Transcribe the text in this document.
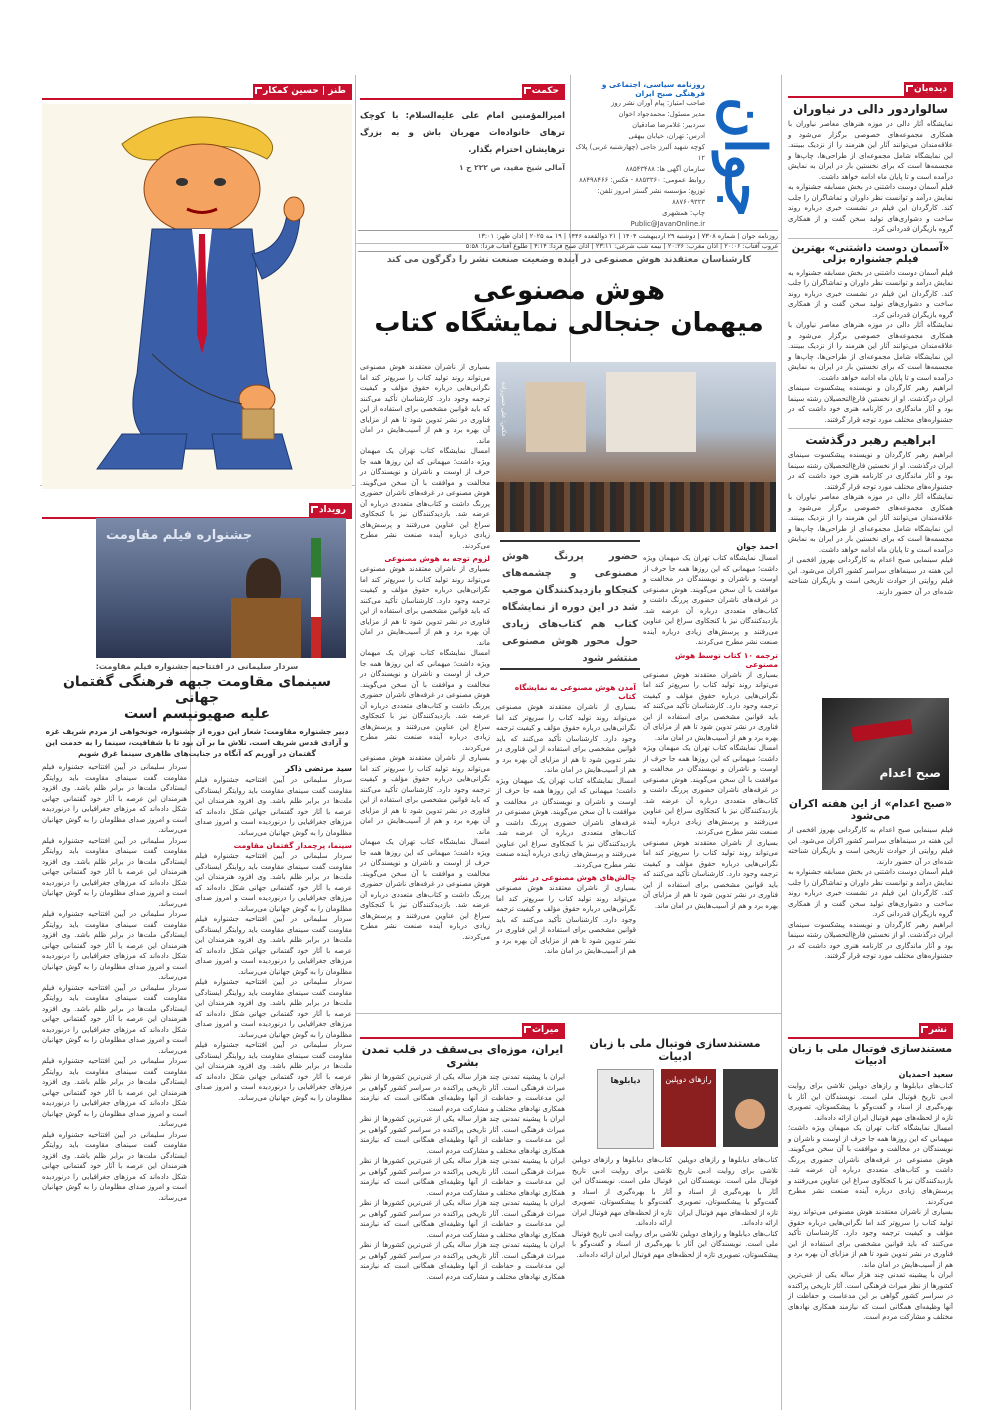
دیده‌بان
سالواردور دالی در نیاوران
نمایشگاه آثار دالی در موزه هنرهای معاصر نیاوران با همکاری مجموعه‌های خصوصی برگزار می‌شود و علاقه‌مندان می‌توانند آثار این هنرمند را از نزدیک ببینند. این نمایشگاه شامل مجموعه‌ای از طراحی‌ها، چاپ‌ها و مجسمه‌ها است که برای نخستین بار در ایران به نمایش درآمده است و تا پایان ماه ادامه خواهد داشت.
فیلم آسمان دوست داشتنی در بخش مسابقه جشنواره به نمایش درآمد و توانست نظر داوران و تماشاگران را جلب کند. کارگردان این فیلم در نشست خبری درباره روند ساخت و دشواری‌های تولید سخن گفت و از همکاری گروه بازیگران قدردانی کرد.
«آسمان دوست داشتنی» بهترین فیلم جشنواره بزلی
فیلم آسمان دوست داشتنی در بخش مسابقه جشنواره به نمایش درآمد و توانست نظر داوران و تماشاگران را جلب کند. کارگردان این فیلم در نشست خبری درباره روند ساخت و دشواری‌های تولید سخن گفت و از همکاری گروه بازیگران قدردانی کرد.
نمایشگاه آثار دالی در موزه هنرهای معاصر نیاوران با همکاری مجموعه‌های خصوصی برگزار می‌شود و علاقه‌مندان می‌توانند آثار این هنرمند را از نزدیک ببینند. این نمایشگاه شامل مجموعه‌ای از طراحی‌ها، چاپ‌ها و مجسمه‌ها است که برای نخستین بار در ایران به نمایش درآمده است و تا پایان ماه ادامه خواهد داشت.
ابراهیم رهبر کارگردان و نویسنده پیشکسوت سینمای ایران درگذشت. او از نخستین فارغ‌التحصیلان رشته سینما بود و آثار ماندگاری در کارنامه هنری خود داشت که در جشنواره‌های مختلف مورد توجه قرار گرفتند.
ابراهیم رهبر درگذشت
ابراهیم رهبر کارگردان و نویسنده پیشکسوت سینمای ایران درگذشت. او از نخستین فارغ‌التحصیلان رشته سینما بود و آثار ماندگاری در کارنامه هنری خود داشت که در جشنواره‌های مختلف مورد توجه قرار گرفتند.
نمایشگاه آثار دالی در موزه هنرهای معاصر نیاوران با همکاری مجموعه‌های خصوصی برگزار می‌شود و علاقه‌مندان می‌توانند آثار این هنرمند را از نزدیک ببینند. این نمایشگاه شامل مجموعه‌ای از طراحی‌ها، چاپ‌ها و مجسمه‌ها است که برای نخستین بار در ایران به نمایش درآمده است و تا پایان ماه ادامه خواهد داشت.
فیلم سینمایی صبح اعدام به کارگردانی بهروز افخمی از این هفته در سینماهای سراسر کشور اکران می‌شود. این فیلم روایتی از حوادث تاریخی است و بازیگران شناخته شده‌ای در آن حضور دارند.
صبح اعدام
«صبح اعدام» از این هفته اکران می‌شود
فیلم سینمایی صبح اعدام به کارگردانی بهروز افخمی از این هفته در سینماهای سراسر کشور اکران می‌شود. این فیلم روایتی از حوادث تاریخی است و بازیگران شناخته شده‌ای در آن حضور دارند.
فیلم آسمان دوست داشتنی در بخش مسابقه جشنواره به نمایش درآمد و توانست نظر داوران و تماشاگران را جلب کند. کارگردان این فیلم در نشست خبری درباره روند ساخت و دشواری‌های تولید سخن گفت و از همکاری گروه بازیگران قدردانی کرد.
ابراهیم رهبر کارگردان و نویسنده پیشکسوت سینمای ایران درگذشت. او از نخستین فارغ‌التحصیلان رشته سینما بود و آثار ماندگاری در کارنامه هنری خود داشت که در جشنواره‌های مختلف مورد توجه قرار گرفتند.
نشر
مستندسازی فوتبال ملی با زبان ادبیات
سعید احمدیان
کتاب‌های دیابلوها و رازهای دوپلین تلاشی برای روایت ادبی تاریخ فوتبال ملی است. نویسندگان این آثار با بهره‌گیری از اسناد و گفت‌وگو با پیشکسوتان، تصویری تازه از لحظه‌های مهم فوتبال ایران ارائه داده‌اند.
امسال نمایشگاه کتاب تهران یک میهمان ویژه داشت؛ میهمانی که این روزها همه جا حرف از اوست و ناشران و نویسندگان در مخالفت و موافقت با آن سخن می‌گویند. هوش مصنوعی در غرفه‌های ناشران حضوری پررنگ داشت و کتاب‌های متعددی درباره آن عرضه شد. بازدیدکنندگان نیز با کنجکاوی سراغ این عناوین می‌رفتند و پرسش‌های زیادی درباره آینده صنعت نشر مطرح می‌کردند.
بسیاری از ناشران معتقدند هوش مصنوعی می‌تواند روند تولید کتاب را سریع‌تر کند اما نگرانی‌هایی درباره حقوق مؤلف و کیفیت ترجمه وجود دارد. کارشناسان تأکید می‌کنند که باید قوانین مشخصی برای استفاده از این فناوری در نشر تدوین شود تا هم از مزایای آن بهره برد و هم از آسیب‌هایش در امان ماند.
ایران با پیشینه تمدنی چند هزار ساله یکی از غنی‌ترین کشورها از نظر میراث فرهنگی است. آثار تاریخی پراکنده در سراسر کشور گواهی بر این مدعاست و حفاظت از آنها وظیفه‌ای همگانی است که نیازمند همکاری نهادهای مختلف و مشارکت مردم است.
جوان
روزنامه سیاسی، اجتماعی و فرهنگی صبح ایران
صاحب امتیاز: پیام آوران نشر روز
مدیر مسئول: محمدجواد اخوان
سردبیر: غلامرضا صادقیان
آدرس: تهران، خیابان بیهقی
کوچه شهید آلبرز جاجی (چهارشنبه غربی) پلاک ۱۲
سازمان آگهی ها: ۸۸۵۴۳۴۸۸
روابط عمومی: ۸۸۵۳۳۶۰ - فکس: ۸۸۴۹۸۴۶۶
توزیع: مؤسسه نشر گستر امروز تلفن: ۸۸۷۶۰۹۳۲۳
چاپ: همشهری
Public@JavanOnline.ir
روزنامه جوان | شماره ۷۳۰۸ | دوشنبه ۲۹ اردیبهشت ۱۴۰۴ | ۲۱ ذوالقعده ۱۴۴۶ | ۱۹ مه ۲۰۲۵ | اذان ظهر: ۱۳:۰۱
غروب آفتاب: ۲۰:۰۶ | اذان مغرب: ۲۰:۲۶ | نیمه شب شرعی: ۲۳:۱۱ | اذان صبح فردا: ۴:۱۴ | طلوع آفتاب فردا: ۵:۵۸
حکمت
امیرالمؤمنین امام علی علیه‌السلام: با کوچک ترهای خانواده‌ات مهربان باش و به بزرگ ترهایشان احترام بگذار.
آمالی شیخ مفید، ص ۲۲۲ ح ۱
طنز | حسین کمکار
کارشناسان معتقدند هوش مصنوعی در آینده وضعیت صنعت نشر را دگرگون می کند
هوش مصنوعی
میهمان جنجالی نمایشگاه کتاب
عکس: علی حسن‌زاده
بسیاری از ناشران معتقدند هوش مصنوعی می‌تواند روند تولید کتاب را سریع‌تر کند اما نگرانی‌هایی درباره حقوق مؤلف و کیفیت ترجمه وجود دارد. کارشناسان تأکید می‌کنند که باید قوانین مشخصی برای استفاده از این فناوری در نشر تدوین شود تا هم از مزایای آن بهره برد و هم از آسیب‌هایش در امان ماند.
امسال نمایشگاه کتاب تهران یک میهمان ویژه داشت؛ میهمانی که این روزها همه جا حرف از اوست و ناشران و نویسندگان در مخالفت و موافقت با آن سخن می‌گویند. هوش مصنوعی در غرفه‌های ناشران حضوری پررنگ داشت و کتاب‌های متعددی درباره آن عرضه شد. بازدیدکنندگان نیز با کنجکاوی سراغ این عناوین می‌رفتند و پرسش‌های زیادی درباره آینده صنعت نشر مطرح می‌کردند.
لزوم توجه به هوش مصنوعی
بسیاری از ناشران معتقدند هوش مصنوعی می‌تواند روند تولید کتاب را سریع‌تر کند اما نگرانی‌هایی درباره حقوق مؤلف و کیفیت ترجمه وجود دارد. کارشناسان تأکید می‌کنند که باید قوانین مشخصی برای استفاده از این فناوری در نشر تدوین شود تا هم از مزایای آن بهره برد و هم از آسیب‌هایش در امان ماند.
امسال نمایشگاه کتاب تهران یک میهمان ویژه داشت؛ میهمانی که این روزها همه جا حرف از اوست و ناشران و نویسندگان در مخالفت و موافقت با آن سخن می‌گویند. هوش مصنوعی در غرفه‌های ناشران حضوری پررنگ داشت و کتاب‌های متعددی درباره آن عرضه شد. بازدیدکنندگان نیز با کنجکاوی سراغ این عناوین می‌رفتند و پرسش‌های زیادی درباره آینده صنعت نشر مطرح می‌کردند.
بسیاری از ناشران معتقدند هوش مصنوعی می‌تواند روند تولید کتاب را سریع‌تر کند اما نگرانی‌هایی درباره حقوق مؤلف و کیفیت ترجمه وجود دارد. کارشناسان تأکید می‌کنند که باید قوانین مشخصی برای استفاده از این فناوری در نشر تدوین شود تا هم از مزایای آن بهره برد و هم از آسیب‌هایش در امان ماند.
امسال نمایشگاه کتاب تهران یک میهمان ویژه داشت؛ میهمانی که این روزها همه جا حرف از اوست و ناشران و نویسندگان در مخالفت و موافقت با آن سخن می‌گویند. هوش مصنوعی در غرفه‌های ناشران حضوری پررنگ داشت و کتاب‌های متعددی درباره آن عرضه شد. بازدیدکنندگان نیز با کنجکاوی سراغ این عناوین می‌رفتند و پرسش‌های زیادی درباره آینده صنعت نشر مطرح می‌کردند.
حضور پررنگ هوش مصنوعی و چشمه‌های کنجکاو بازدیدکنندگان موجب شد در این دوره از نمایشگاه کتاب هم کتاب‌های زیادی حول محور هوش مصنوعی منتشر شود
آمدن هوش مصنوعی به نمایشگاه کتاب
بسیاری از ناشران معتقدند هوش مصنوعی می‌تواند روند تولید کتاب را سریع‌تر کند اما نگرانی‌هایی درباره حقوق مؤلف و کیفیت ترجمه وجود دارد. کارشناسان تأکید می‌کنند که باید قوانین مشخصی برای استفاده از این فناوری در نشر تدوین شود تا هم از مزایای آن بهره برد و هم از آسیب‌هایش در امان ماند.
امسال نمایشگاه کتاب تهران یک میهمان ویژه داشت؛ میهمانی که این روزها همه جا حرف از اوست و ناشران و نویسندگان در مخالفت و موافقت با آن سخن می‌گویند. هوش مصنوعی در غرفه‌های ناشران حضوری پررنگ داشت و کتاب‌های متعددی درباره آن عرضه شد. بازدیدکنندگان نیز با کنجکاوی سراغ این عناوین می‌رفتند و پرسش‌های زیادی درباره آینده صنعت نشر مطرح می‌کردند.
چالش‌های هوش مصنوعی در نشر
بسیاری از ناشران معتقدند هوش مصنوعی می‌تواند روند تولید کتاب را سریع‌تر کند اما نگرانی‌هایی درباره حقوق مؤلف و کیفیت ترجمه وجود دارد. کارشناسان تأکید می‌کنند که باید قوانین مشخصی برای استفاده از این فناوری در نشر تدوین شود تا هم از مزایای آن بهره برد و هم از آسیب‌هایش در امان ماند.
احمد جوان
امسال نمایشگاه کتاب تهران یک میهمان ویژه داشت؛ میهمانی که این روزها همه جا حرف از اوست و ناشران و نویسندگان در مخالفت و موافقت با آن سخن می‌گویند. هوش مصنوعی در غرفه‌های ناشران حضوری پررنگ داشت و کتاب‌های متعددی درباره آن عرضه شد. بازدیدکنندگان نیز با کنجکاوی سراغ این عناوین می‌رفتند و پرسش‌های زیادی درباره آینده صنعت نشر مطرح می‌کردند.
ترجمه ۱۰ کتاب توسط هوش مصنوعی
بسیاری از ناشران معتقدند هوش مصنوعی می‌تواند روند تولید کتاب را سریع‌تر کند اما نگرانی‌هایی درباره حقوق مؤلف و کیفیت ترجمه وجود دارد. کارشناسان تأکید می‌کنند که باید قوانین مشخصی برای استفاده از این فناوری در نشر تدوین شود تا هم از مزایای آن بهره برد و هم از آسیب‌هایش در امان ماند.
امسال نمایشگاه کتاب تهران یک میهمان ویژه داشت؛ میهمانی که این روزها همه جا حرف از اوست و ناشران و نویسندگان در مخالفت و موافقت با آن سخن می‌گویند. هوش مصنوعی در غرفه‌های ناشران حضوری پررنگ داشت و کتاب‌های متعددی درباره آن عرضه شد. بازدیدکنندگان نیز با کنجکاوی سراغ این عناوین می‌رفتند و پرسش‌های زیادی درباره آینده صنعت نشر مطرح می‌کردند.
بسیاری از ناشران معتقدند هوش مصنوعی می‌تواند روند تولید کتاب را سریع‌تر کند اما نگرانی‌هایی درباره حقوق مؤلف و کیفیت ترجمه وجود دارد. کارشناسان تأکید می‌کنند که باید قوانین مشخصی برای استفاده از این فناوری در نشر تدوین شود تا هم از مزایای آن بهره برد و هم از آسیب‌هایش در امان ماند.
رویداد
جشنواره فیلم مقاومت
سردار سلیمانی در افتتاحیه جشنواره فیلم مقاومت:
سینمای مقاومت جبهه فرهنگی گفتمان جهانی
علیه صهیونیسم است
دبیر جشنواره مقاومت: شعار این دوره از جشنواره، خونخواهی از مردم شریف غزه و آزادی قدس شریف است. تلاش ما بر آن بود تا با شفافیت، سینما را به خدمت این گفتمان در آوریم که آنگاه در جنایت‌های ظاهری سینما غرق شویم
سید مرتضی ذاکر
سردار سلیمانی در آیین افتتاحیه جشنواره فیلم مقاومت گفت سینمای مقاومت باید روایتگر ایستادگی ملت‌ها در برابر ظلم باشد. وی افزود هنرمندان این عرصه با آثار خود گفتمانی جهانی شکل داده‌اند که مرزهای جغرافیایی را درنوردیده است و امروز صدای مظلومان را به گوش جهانیان می‌رساند.
سینما، پرچمدار گفتمان مقاومت
سردار سلیمانی در آیین افتتاحیه جشنواره فیلم مقاومت گفت سینمای مقاومت باید روایتگر ایستادگی ملت‌ها در برابر ظلم باشد. وی افزود هنرمندان این عرصه با آثار خود گفتمانی جهانی شکل داده‌اند که مرزهای جغرافیایی را درنوردیده است و امروز صدای مظلومان را به گوش جهانیان می‌رساند.
سردار سلیمانی در آیین افتتاحیه جشنواره فیلم مقاومت گفت سینمای مقاومت باید روایتگر ایستادگی ملت‌ها در برابر ظلم باشد. وی افزود هنرمندان این عرصه با آثار خود گفتمانی جهانی شکل داده‌اند که مرزهای جغرافیایی را درنوردیده است و امروز صدای مظلومان را به گوش جهانیان می‌رساند.
سردار سلیمانی در آیین افتتاحیه جشنواره فیلم مقاومت گفت سینمای مقاومت باید روایتگر ایستادگی ملت‌ها در برابر ظلم باشد. وی افزود هنرمندان این عرصه با آثار خود گفتمانی جهانی شکل داده‌اند که مرزهای جغرافیایی را درنوردیده است و امروز صدای مظلومان را به گوش جهانیان می‌رساند.
سردار سلیمانی در آیین افتتاحیه جشنواره فیلم مقاومت گفت سینمای مقاومت باید روایتگر ایستادگی ملت‌ها در برابر ظلم باشد. وی افزود هنرمندان این عرصه با آثار خود گفتمانی جهانی شکل داده‌اند که مرزهای جغرافیایی را درنوردیده است و امروز صدای مظلومان را به گوش جهانیان می‌رساند.
سردار سلیمانی در آیین افتتاحیه جشنواره فیلم مقاومت گفت سینمای مقاومت باید روایتگر ایستادگی ملت‌ها در برابر ظلم باشد. وی افزود هنرمندان این عرصه با آثار خود گفتمانی جهانی شکل داده‌اند که مرزهای جغرافیایی را درنوردیده است و امروز صدای مظلومان را به گوش جهانیان می‌رساند.
سردار سلیمانی در آیین افتتاحیه جشنواره فیلم مقاومت گفت سینمای مقاومت باید روایتگر ایستادگی ملت‌ها در برابر ظلم باشد. وی افزود هنرمندان این عرصه با آثار خود گفتمانی جهانی شکل داده‌اند که مرزهای جغرافیایی را درنوردیده است و امروز صدای مظلومان را به گوش جهانیان می‌رساند.
سردار سلیمانی در آیین افتتاحیه جشنواره فیلم مقاومت گفت سینمای مقاومت باید روایتگر ایستادگی ملت‌ها در برابر ظلم باشد. وی افزود هنرمندان این عرصه با آثار خود گفتمانی جهانی شکل داده‌اند که مرزهای جغرافیایی را درنوردیده است و امروز صدای مظلومان را به گوش جهانیان می‌رساند.
سردار سلیمانی در آیین افتتاحیه جشنواره فیلم مقاومت گفت سینمای مقاومت باید روایتگر ایستادگی ملت‌ها در برابر ظلم باشد. وی افزود هنرمندان این عرصه با آثار خود گفتمانی جهانی شکل داده‌اند که مرزهای جغرافیایی را درنوردیده است و امروز صدای مظلومان را به گوش جهانیان می‌رساند.
سردار سلیمانی در آیین افتتاحیه جشنواره فیلم مقاومت گفت سینمای مقاومت باید روایتگر ایستادگی ملت‌ها در برابر ظلم باشد. وی افزود هنرمندان این عرصه با آثار خود گفتمانی جهانی شکل داده‌اند که مرزهای جغرافیایی را درنوردیده است و امروز صدای مظلومان را به گوش جهانیان می‌رساند.
سردار سلیمانی در آیین افتتاحیه جشنواره فیلم مقاومت گفت سینمای مقاومت باید روایتگر ایستادگی ملت‌ها در برابر ظلم باشد. وی افزود هنرمندان این عرصه با آثار خود گفتمانی جهانی شکل داده‌اند که مرزهای جغرافیایی را درنوردیده است و امروز صدای مظلومان را به گوش جهانیان می‌رساند.
میراث
ایران، موزه‌ای بی‌سقف در قلب تمدن بشری
ایران با پیشینه تمدنی چند هزار ساله یکی از غنی‌ترین کشورها از نظر میراث فرهنگی است. آثار تاریخی پراکنده در سراسر کشور گواهی بر این مدعاست و حفاظت از آنها وظیفه‌ای همگانی است که نیازمند همکاری نهادهای مختلف و مشارکت مردم است.
ایران با پیشینه تمدنی چند هزار ساله یکی از غنی‌ترین کشورها از نظر میراث فرهنگی است. آثار تاریخی پراکنده در سراسر کشور گواهی بر این مدعاست و حفاظت از آنها وظیفه‌ای همگانی است که نیازمند همکاری نهادهای مختلف و مشارکت مردم است.
ایران با پیشینه تمدنی چند هزار ساله یکی از غنی‌ترین کشورها از نظر میراث فرهنگی است. آثار تاریخی پراکنده در سراسر کشور گواهی بر این مدعاست و حفاظت از آنها وظیفه‌ای همگانی است که نیازمند همکاری نهادهای مختلف و مشارکت مردم است.
ایران با پیشینه تمدنی چند هزار ساله یکی از غنی‌ترین کشورها از نظر میراث فرهنگی است. آثار تاریخی پراکنده در سراسر کشور گواهی بر این مدعاست و حفاظت از آنها وظیفه‌ای همگانی است که نیازمند همکاری نهادهای مختلف و مشارکت مردم است.
ایران با پیشینه تمدنی چند هزار ساله یکی از غنی‌ترین کشورها از نظر میراث فرهنگی است. آثار تاریخی پراکنده در سراسر کشور گواهی بر این مدعاست و حفاظت از آنها وظیفه‌ای همگانی است که نیازمند همکاری نهادهای مختلف و مشارکت مردم است.
مستندسازی فوتبال ملی با زبان ادبیات
رازهای دوپلین
دیابلوها
کتاب‌های دیابلوها و رازهای دوپلین تلاشی برای روایت ادبی تاریخ فوتبال ملی است. نویسندگان این آثار با بهره‌گیری از اسناد و گفت‌وگو با پیشکسوتان، تصویری تازه از لحظه‌های مهم فوتبال ایران ارائه داده‌اند.
کتاب‌های دیابلوها و رازهای دوپلین تلاشی برای روایت ادبی تاریخ فوتبال ملی است. نویسندگان این آثار با بهره‌گیری از اسناد و گفت‌وگو با پیشکسوتان، تصویری تازه از لحظه‌های مهم فوتبال ایران ارائه داده‌اند.
کتاب‌های دیابلوها و رازهای دوپلین تلاشی برای روایت ادبی تاریخ فوتبال ملی است. نویسندگان این آثار با بهره‌گیری از اسناد و گفت‌وگو با پیشکسوتان، تصویری تازه از لحظه‌های مهم فوتبال ایران ارائه داده‌اند.
